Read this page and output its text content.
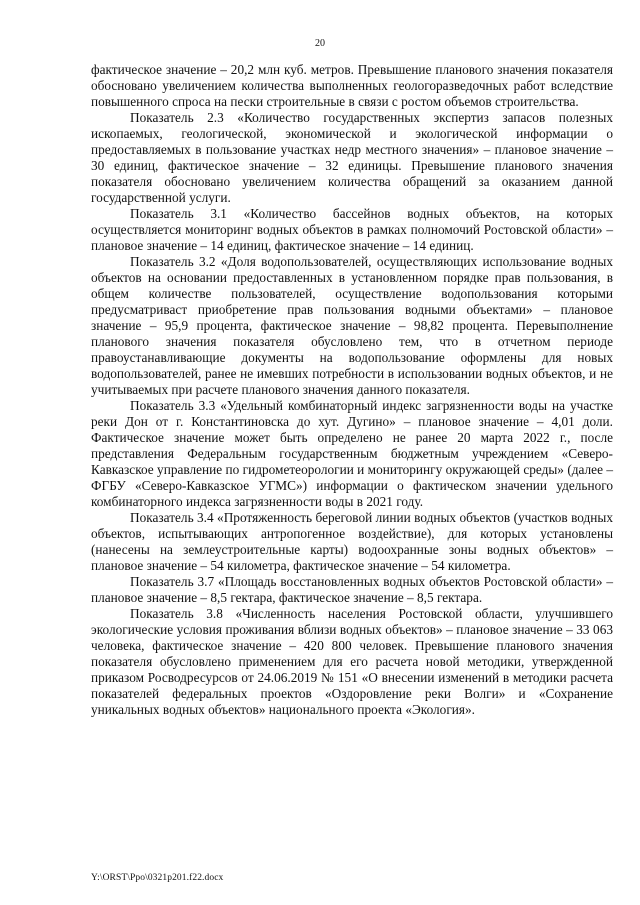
20

фактическое значение – 20,2 млн куб. метров. Превышение планового значения показателя обосновано увеличением количества выполненных геологоразведочных работ вследствие повышенного спроса на пески строительные в связи с ростом объемов строительства.

Показатель 2.3 «Количество государственных экспертиз запасов полезных ископаемых, геологической, экономической и экологической информации о предоставляемых в пользование участках недр местного значения» – плановое значение – 30 единиц, фактическое значение – 32 единицы. Превышение планового значения показателя обосновано увеличением количества обращений за оказанием данной государственной услуги.

Показатель 3.1 «Количество бассейнов водных объектов, на которых осуществляется мониторинг водных объектов в рамках полномочий Ростовской области» – плановое значение – 14 единиц, фактическое значение – 14 единиц.

Показатель 3.2 «Доля водопользователей, осуществляющих использование водных объектов на основании предоставленных в установленном порядке прав пользования, в общем количестве пользователей, осуществление водопользования которыми предусматриваст приобретение прав пользования водными объектами» – плановое значение – 95,9 процента, фактическое значение – 98,82 процента. Перевыполнение планового значения показателя обусловлено тем, что в отчетном периоде правоустанавливающие документы на водопользование оформлены для новых водопользователей, ранее не имевших потребности в использовании водных объектов, и не учитываемых при расчете планового значения данного показателя.

Показатель 3.3 «Удельный комбинаторный индекс загрязненности воды на участке реки Дон от г. Константиновска до хут. Дугино» – плановое значение – 4,01 доли. Фактическое значение может быть определено не ранее 20 марта 2022 г., после представления Федеральным государственным бюджетным учреждением «Северо-Кавказское управление по гидрометеорологии и мониторингу окружающей среды» (далее – ФГБУ «Северо-Кавказское УГМС») информации о фактическом значении удельного комбинаторного индекса загрязненности воды в 2021 году.

Показатель 3.4 «Протяженность береговой линии водных объектов (участков водных объектов, испытывающих антропогенное воздействие), для которых установлены (нанесены на землеустроительные карты) водоохранные зоны водных объектов» – плановое значение – 54 километра, фактическое значение – 54 километра.

Показатель 3.7 «Площадь восстановленных водных объектов Ростовской области» – плановое значение – 8,5 гектара, фактическое значение – 8,5 гектара.

Показатель 3.8 «Численность населения Ростовской области, улучшившего экологические условия проживания вблизи водных объектов» – плановое значение – 33 063 человека, фактическое значение – 420 800 человек. Превышение планового значения показателя обусловлено применением для его расчета новой методики, утвержденной приказом Росводресурсов от 24.06.2019 № 151 «О внесении изменений в методики расчета показателей федеральных проектов «Оздоровление реки Волги» и «Сохранение уникальных водных объектов» национального проекта «Экология».

Y:\ORST\Ppo\0321p201.f22.docx
